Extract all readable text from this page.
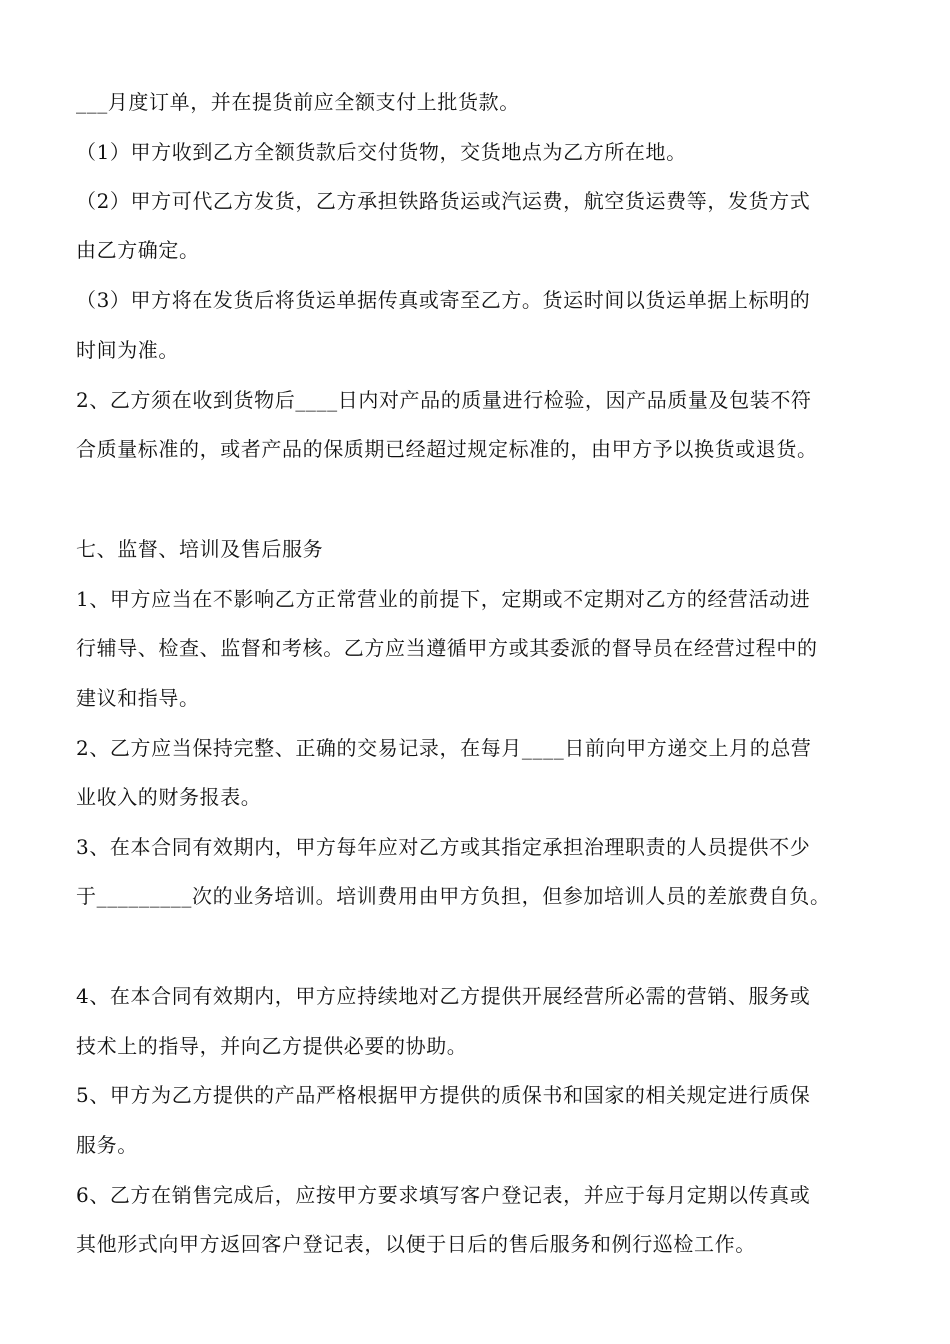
___月度订单，并在提货前应全额支付上批货款。
（1）甲方收到乙方全额货款后交付货物，交货地点为乙方所在地。
（2）甲方可代乙方发货，乙方承担铁路货运或汽运费，航空货运费等，发货方式
由乙方确定。
（3）甲方将在发货后将货运单据传真或寄至乙方。货运时间以货运单据上标明的
时间为准。
2、乙方须在收到货物后____日内对产品的质量进行检验，因产品质量及包装不符
合质量标准的，或者产品的保质期已经超过规定标准的，由甲方予以换货或退货。
七、监督、培训及售后服务
1、甲方应当在不影响乙方正常营业的前提下，定期或不定期对乙方的经营活动进
行辅导、检查、监督和考核。乙方应当遵循甲方或其委派的督导员在经营过程中的
建议和指导。
2、乙方应当保持完整、正确的交易记录，在每月____日前向甲方递交上月的总营
业收入的财务报表。
3、在本合同有效期内，甲方每年应对乙方或其指定承担治理职责的人员提供不少
于_________次的业务培训。培训费用由甲方负担，但参加培训人员的差旅费自负。
4、在本合同有效期内，甲方应持续地对乙方提供开展经营所必需的营销、服务或
技术上的指导，并向乙方提供必要的协助。
5、甲方为乙方提供的产品严格根据甲方提供的质保书和国家的相关规定进行质保
服务。
6、乙方在销售完成后，应按甲方要求填写客户登记表，并应于每月定期以传真或
其他形式向甲方返回客户登记表，以便于日后的售后服务和例行巡检工作。
